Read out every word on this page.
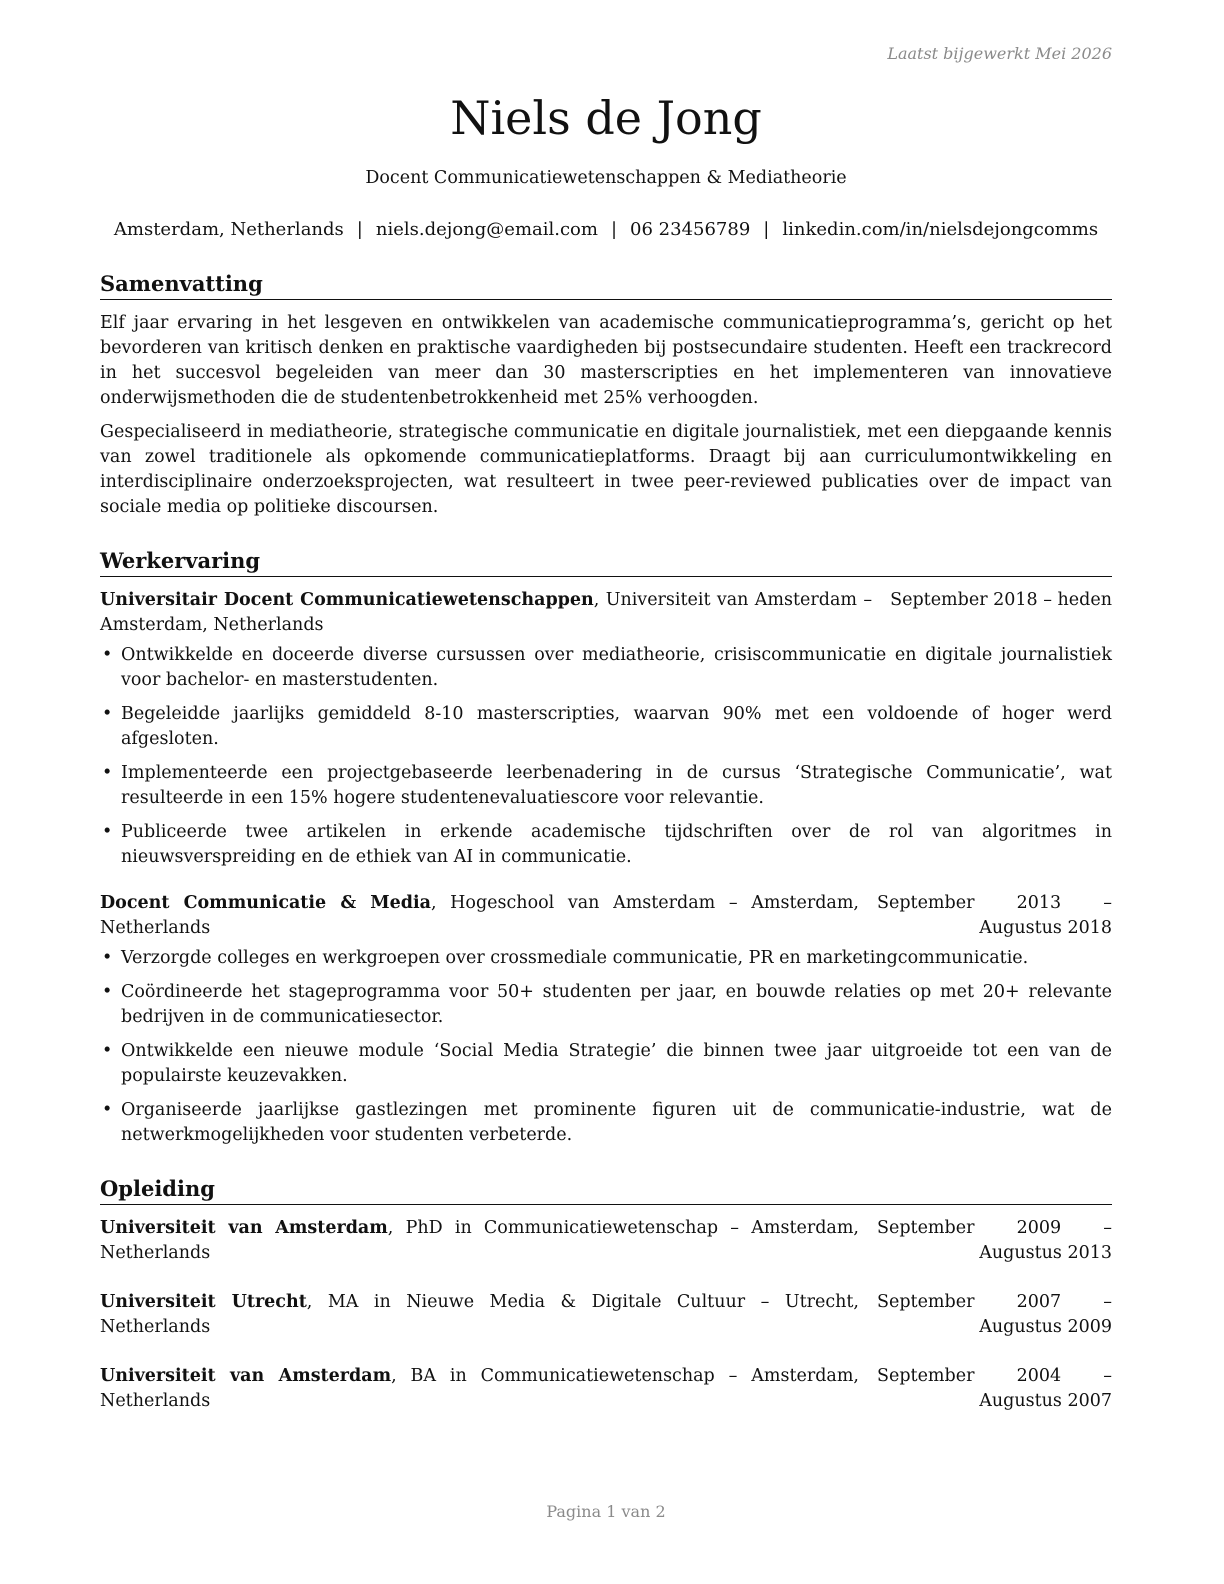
Laatst bijgewerkt Mei 2026
Niels de Jong
Docent Communicatiewetenschappen & Mediatheorie
Amsterdam, Netherlands | niels.dejong@email.com | 06 23456789 | linkedin.com/in/nielsdejongcomms
Samenvatting

Elf jaar ervaring in het lesgeven en ontwikkelen van academische communicatieprogramma’s, gericht op het bevorderen van kritisch denken en praktische vaardigheden bij postsecundaire studenten. Heeft een trackrecord in het succesvol begeleiden van meer dan 30 masterscripties en het implementeren van innovatieve onderwijsmethoden die de studentenbetrokkenheid met 25% verhoogden.

Gespecialiseerd in mediatheorie, strategische communicatie en digitale journalistiek, met een diepgaande kennis van zowel traditionele als opkomende communicatieplatforms. Draagt bij aan curriculumontwikkeling en interdisciplinaire onderzoeksprojecten, wat resulteert in twee peer-reviewed publicaties over de impact van sociale media op politieke discoursen.

Werkervaring
Universitair Docent Communicatiewetenschappen, Universiteit van Amsterdam – Amsterdam, Netherlands
September 2018 – heden
• Ontwikkelde en doceerde diverse cursussen over mediatheorie, crisiscommunicatie en digitale journalistiek voor bachelor- en masterstudenten.
• Begeleidde jaarlijks gemiddeld 8-10 masterscripties, waarvan 90% met een voldoende of hoger werd afgesloten.
• Implementeerde een projectgebaseerde leerbenadering in de cursus ‘Strategische Communicatie’, wat resulteerde in een 15% hogere studentenevaluatiescore voor relevantie.
• Publiceerde twee artikelen in erkende academische tijdschriften over de rol van algoritmes in nieuwsverspreiding en de ethiek van AI in communicatie.
Docent Communicatie & Media, Hogeschool van Amsterdam – Amsterdam, Netherlands
September 2013 – Augustus 2018
• Verzorgde colleges en werkgroepen over crossmediale communicatie, PR en marketingcommunicatie.
• Coördineerde het stageprogramma voor 50+ studenten per jaar, en bouwde relaties op met 20+ relevante bedrijven in de communicatiesector.
• Ontwikkelde een nieuwe module ‘Social Media Strategie’ die binnen twee jaar uitgroeide tot een van de populairste keuzevakken.
• Organiseerde jaarlijkse gastlezingen met prominente figuren uit de communicatie-industrie, wat de netwerkmogelijkheden voor studenten verbeterde.
Opleiding
Universiteit van Amsterdam, PhD in Communicatiewetenschap – Amsterdam, Netherlands
September 2009 – Augustus 2013
Universiteit Utrecht, MA in Nieuwe Media & Digitale Cultuur – Utrecht, Netherlands
September 2007 – Augustus 2009
Universiteit van Amsterdam, BA in Communicatiewetenschap – Amsterdam, Netherlands
September 2004 – Augustus 2007
Pagina 1 van 2
